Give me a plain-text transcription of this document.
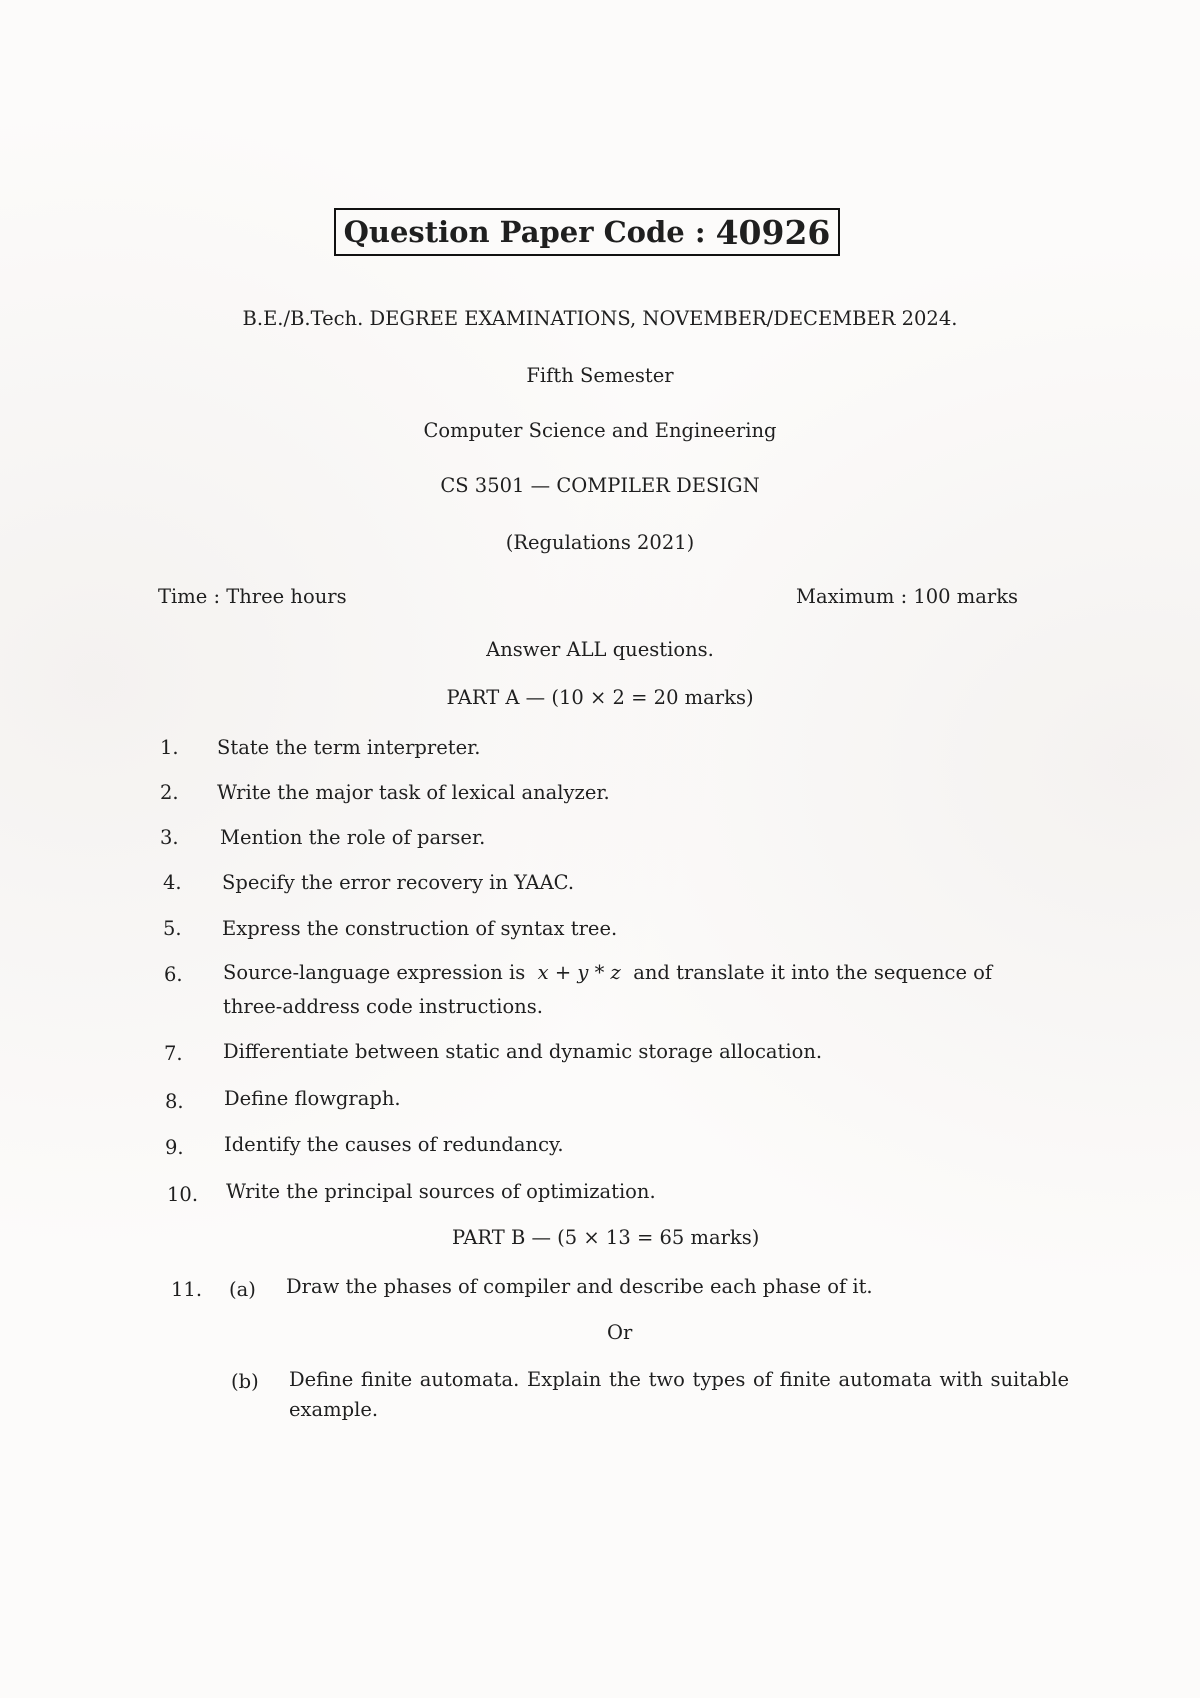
Question Paper Code : 40926
B.E./B.Tech. DEGREE EXAMINATIONS, NOVEMBER/DECEMBER 2024.
Fifth Semester
Computer Science and Engineering
CS 3501 — COMPILER DESIGN
(Regulations 2021)
Time : Three hours	Maximum : 100 marks
Answer ALL questions.
PART A — (10 × 2 = 20 marks)
1. State the term interpreter.
2. Write the major task of lexical analyzer.
3. Mention the role of parser.
4. Specify the error recovery in YAAC.
5. Express the construction of syntax tree.
6. Source-language expression is x + y * z and translate it into the sequence of
three-address code instructions.
7. Differentiate between static and dynamic storage allocation.
8. Define flowgraph.
9. Identify the causes of redundancy.
10. Write the principal sources of optimization.
PART B — (5 × 13 = 65 marks)
11. (a) Draw the phases of compiler and describe each phase of it.
Or
(b) Define finite automata. Explain the two types of finite automata with suitable example.
